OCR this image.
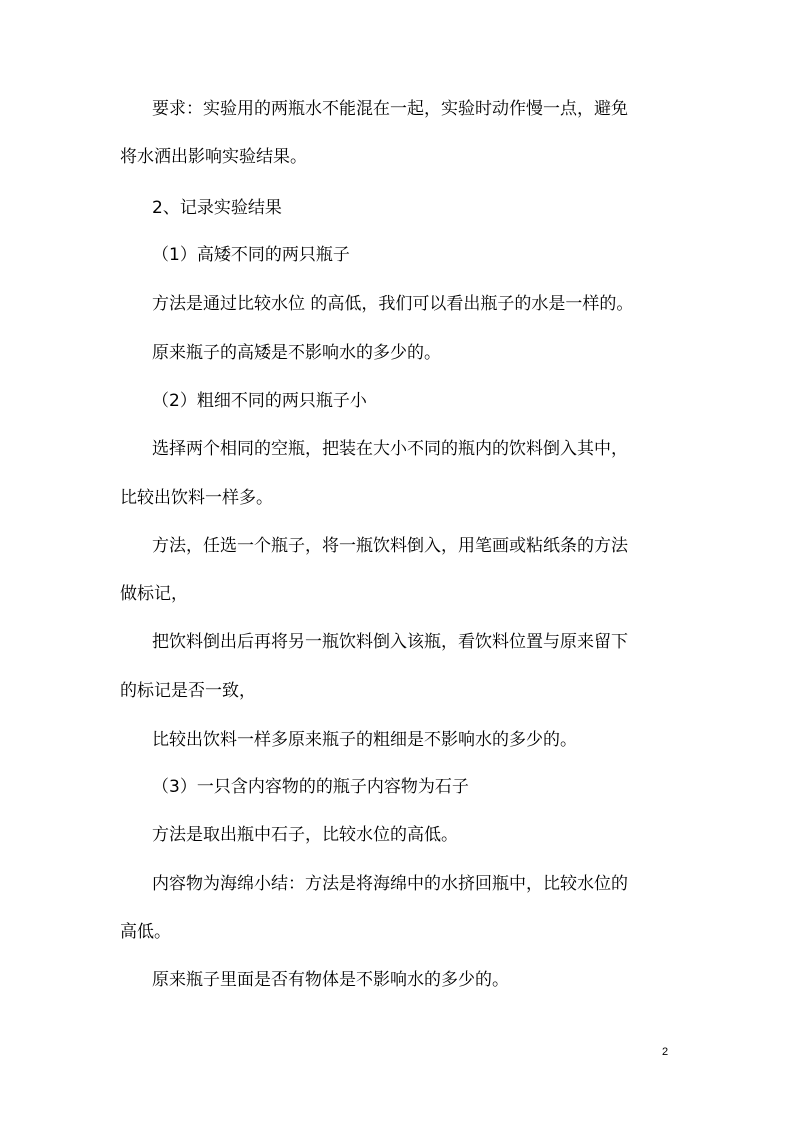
要求：实验用的两瓶水不能混在一起，实验时动作慢一点，避免

将水洒出影响实验结果。

2、记录实验结果

（1）高矮不同的两只瓶子

方法是通过比较水位 的高低，我们可以看出瓶子的水是一样的。

原来瓶子的高矮是不影响水的多少的。

（2）粗细不同的两只瓶子小

选择两个相同的空瓶，把装在大小不同的瓶内的饮料倒入其中，

比较出饮料一样多。

方法，任选一个瓶子，将一瓶饮料倒入，用笔画或粘纸条的方法

做标记，

把饮料倒出后再将另一瓶饮料倒入该瓶，看饮料位置与原来留下

的标记是否一致，

比较出饮料一样多原来瓶子的粗细是不影响水的多少的。

（3）一只含内容物的的瓶子内容物为石子

方法是取出瓶中石子，比较水位的高低。

内容物为海绵小结：方法是将海绵中的水挤回瓶中，比较水位的

高低。

原来瓶子里面是否有物体是不影响水的多少的。

2
